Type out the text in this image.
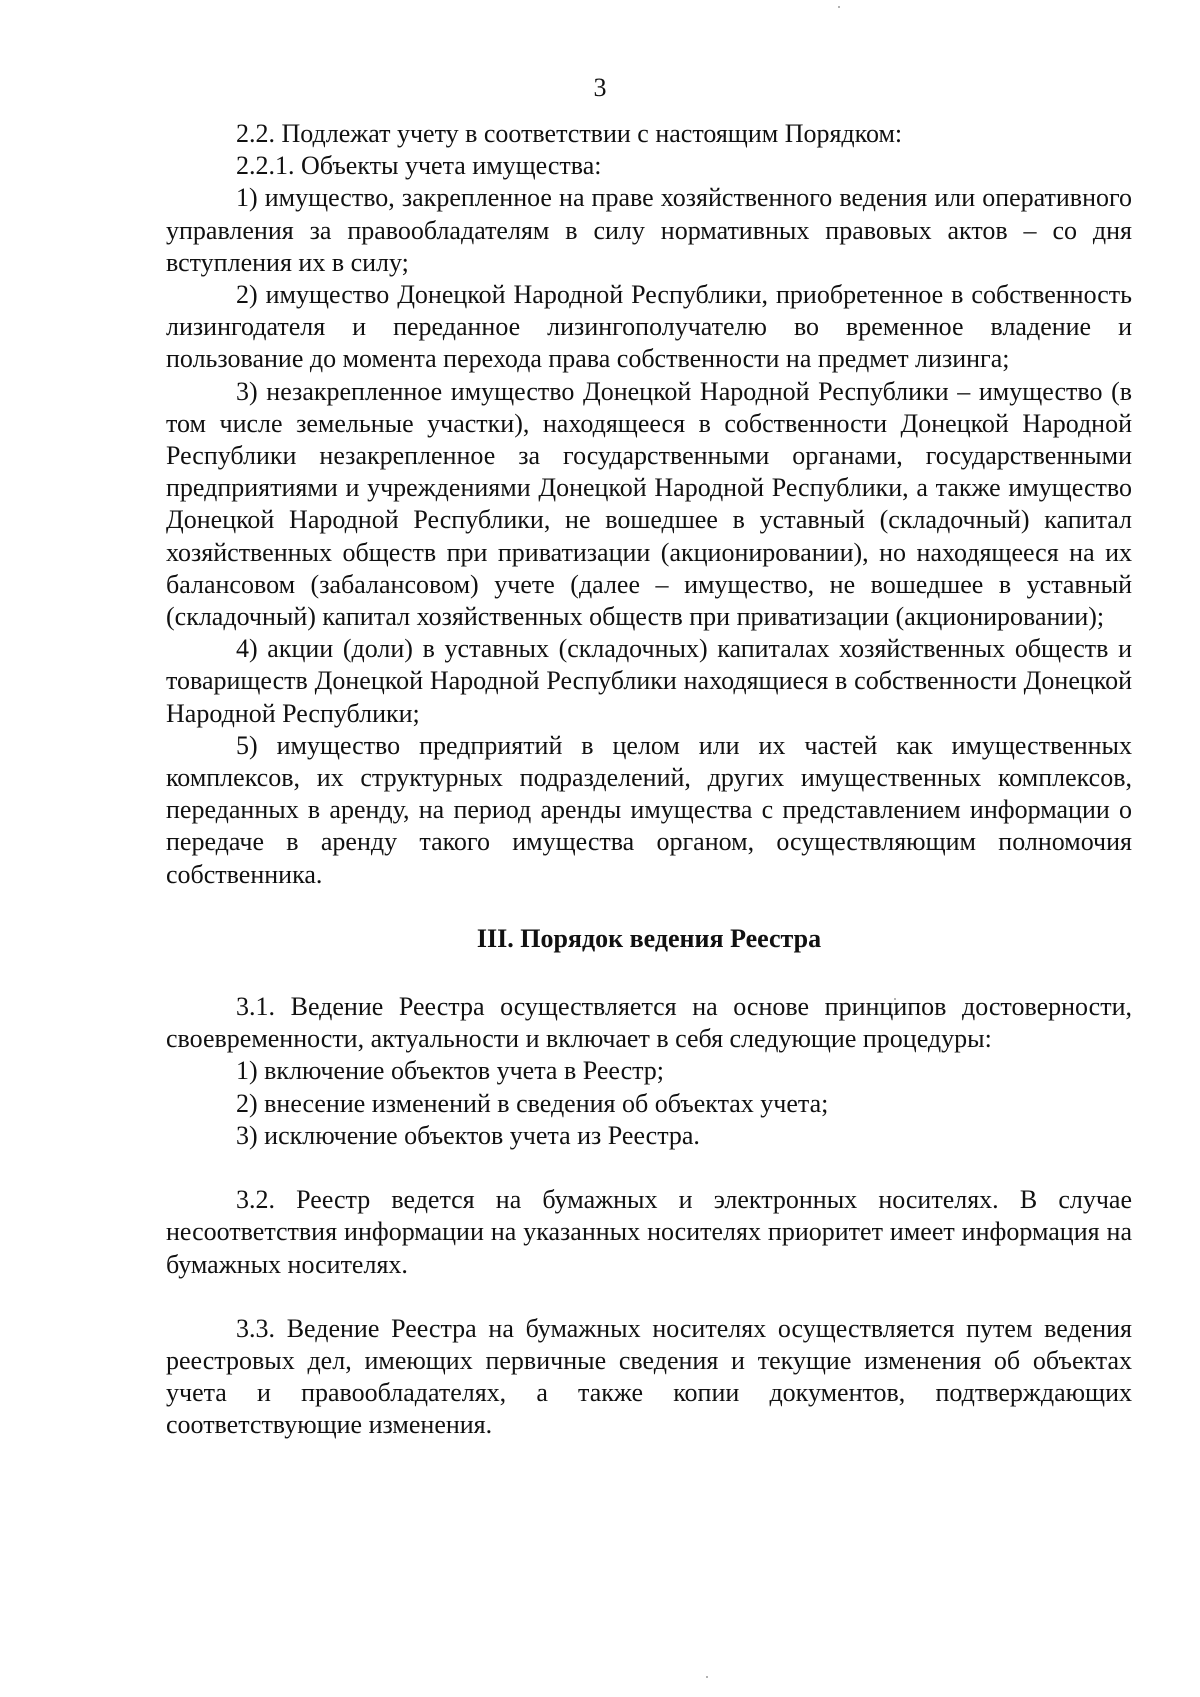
3

2.2. Подлежат учету в соответствии с настоящим Порядком:

2.2.1. Объекты учета имущества:

1) имущество, закрепленное на праве хозяйственного ведения или оперативного управления за правообладателям в силу нормативных правовых актов – со дня вступления их в силу;

2) имущество Донецкой Народной Республики, приобретенное в собственность лизингодателя и переданное лизингополучателю во временное владение и пользование до момента перехода права собственности на предмет лизинга;

3) незакрепленное имущество Донецкой Народной Республики – имущество (в том числе земельные участки), находящееся в собственности Донецкой Народной Республики незакрепленное за государственными органами, государственными предприятиями и учреждениями Донецкой Народной Республики, а также имущество Донецкой Народной Республики, не вошедшее в уставный (складочный) капитал хозяйственных обществ при приватизации (акционировании), но находящееся на их балансовом (забалансовом) учете (далее – имущество, не вошедшее в уставный (складочный) капитал хозяйственных обществ при приватизации (акционировании);

4) акции (доли) в уставных (складочных) капиталах хозяйственных обществ и товариществ Донецкой Народной Республики находящиеся в собственности Донецкой Народной Республики;

5) имущество предприятий в целом или их частей как имущественных комплексов, их структурных подразделений, других имущественных комплексов, переданных в аренду, на период аренды имущества с представлением информации о передаче в аренду такого имущества органом, осуществляющим полномочия собственника.

III. Порядок ведения Реестра

3.1. Ведение Реестра осуществляется на основе принципов достоверности, своевременности, актуальности и включает в себя следующие процедуры:

1) включение объектов учета в Реестр;

2) внесение изменений в сведения об объектах учета;

3) исключение объектов учета из Реестра.

3.2. Реестр ведется на бумажных и электронных носителях. В случае несоответствия информации на указанных носителях приоритет имеет информация на бумажных носителях.

3.3. Ведение Реестра на бумажных носителях осуществляется путем ведения реестровых дел, имеющих первичные сведения и текущие изменения об объектах учета и правообладателях, а также копии документов, подтверждающих соответствующие изменения.
